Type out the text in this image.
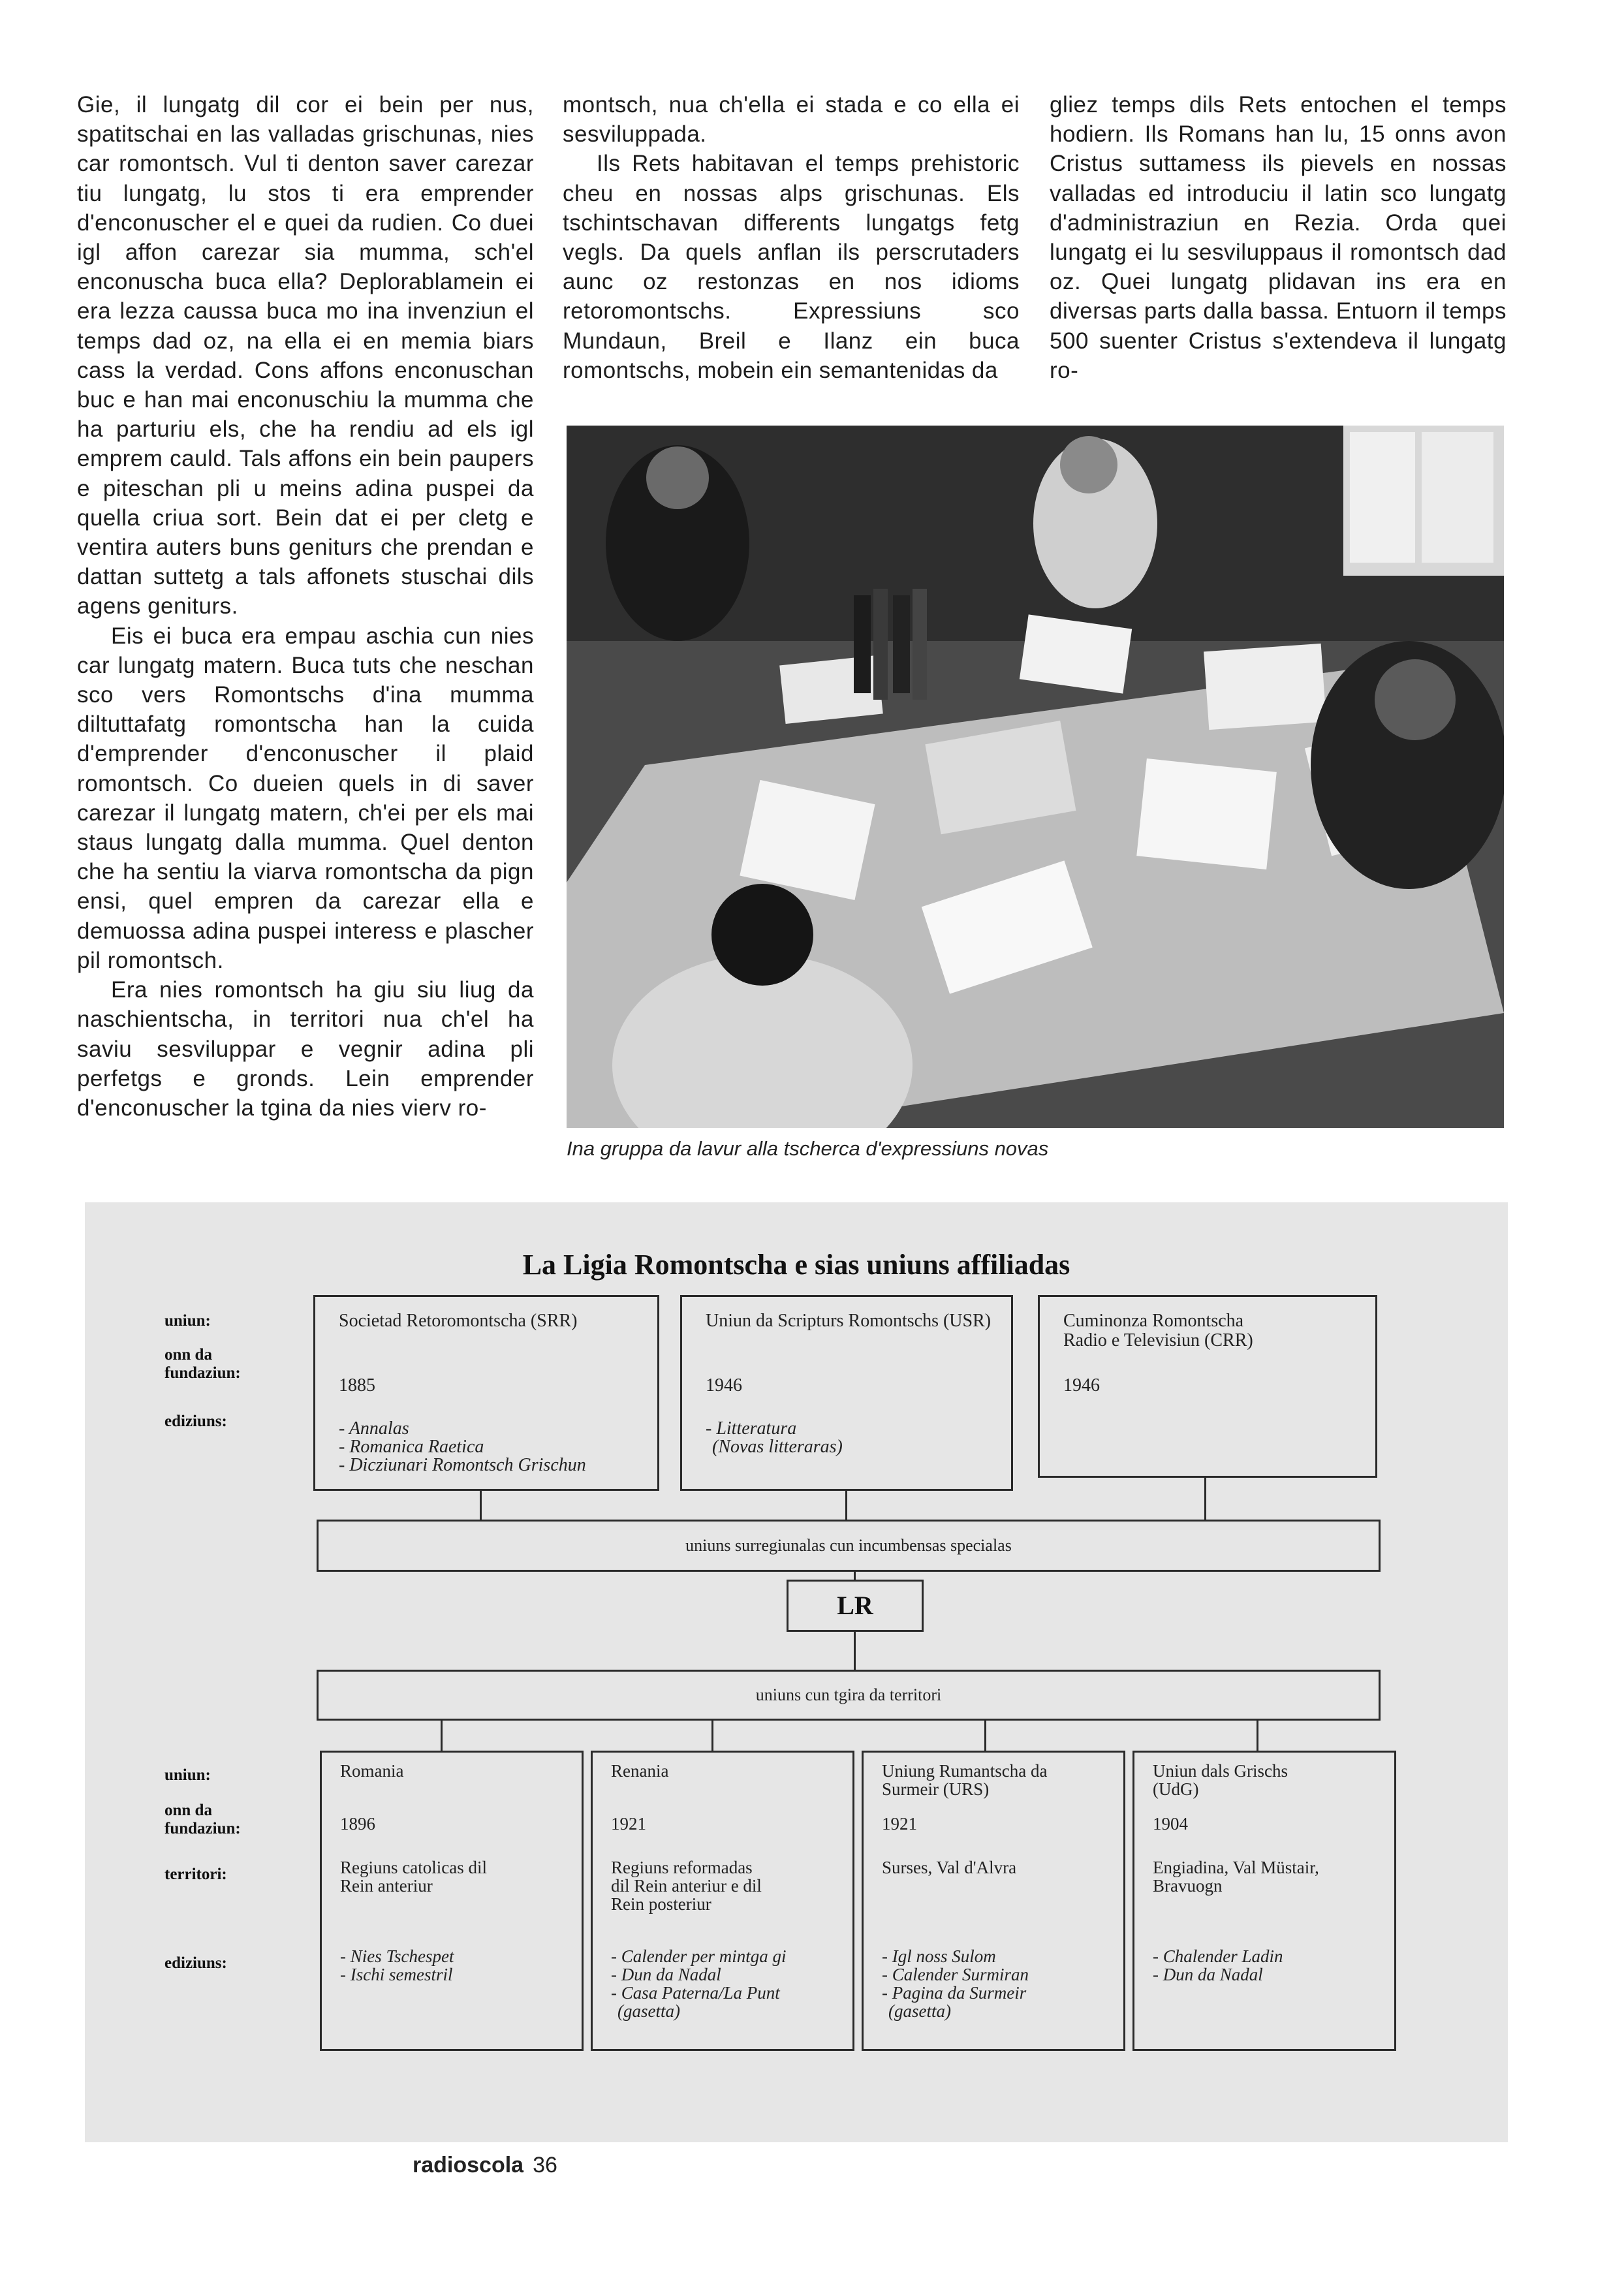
Gie, il lungatg dil cor ei bein per nus, spatitschai en las valladas grischunas, nies car romontsch. Vul ti denton saver carezar tiu lungatg, lu stos ti era emprender d'enconuscher el e quei da rudien. Co duei igl affon carezar sia mumma, sch'el enconuscha buca ella? Deplorablamein ei era lezza caussa buca mo ina invenziun el temps dad oz, na ella ei en memia biars cass la verdad. Cons affons enconuschan buc e han mai enconuschiu la mumma che ha parturiu els, che ha rendiu ad els igl emprem cauld. Tals affons ein bein paupers e piteschan pli u meins adina puspei da quella criua sort. Bein dat ei per cletg e ventira auters buns geniturs che prendan e dattan suttetg a tals affonets stuschai dils agens geniturs.

Eis ei buca era empau aschia cun nies car lungatg matern. Buca tuts che neschan sco vers Romontschs d'ina mumma diltuttafatg romontscha han la cuida d'emprender d'enconuscher il plaid romontsch. Co dueien quels in di saver carezar il lungatg matern, ch'ei per els mai staus lungatg dalla mumma. Quel denton che ha sentiu la viarva romontscha da pign ensi, quel empren da carezar ella e demuossa adina puspei interess e plascher pil romontsch.

Era nies romontsch ha giu siu liug da naschientscha, in territori nua ch'el ha saviu sesviluppar e vegnir adina pli perfetgs e gronds. Lein emprender d'enconuscher la tgina da nies vierv ro-

montsch, nua ch'ella ei stada e co ella ei sesviluppada.

Ils Rets habitavan el temps prehistoric cheu en nossas alps grischunas. Els tschintschavan differents lungatgs fetg vegls. Da quels anflan ils perscrutaders aunc oz restonzas en nos idioms retoromontschs. Expressiuns sco Mundaun, Breil e Ilanz ein buca romontschs, mobein ein semantenidas da

gliez temps dils Rets entochen el temps hodiern. Ils Romans han lu, 15 onns avon Cristus suttamess ils pievels en nossas valladas ed introduciu il latin sco lungatg d'administraziun en Rezia. Orda quei lungatg ei lu sesviluppaus il romontsch dad oz. Quei lungatg plidavan ins era en diversas parts dalla bassa. Entuorn il temps 500 suenter Cristus s'extendeva il lungatg ro-

Ina gruppa da lavur alla tscherca d'expressiuns novas
La Ligia Romontscha e sias uniuns affiliadas
uniun:
onn da fundaziun:
ediziuns:
Societad Retoromontscha (SRR)
1885
- Annalas
- Romanica Raetica
- Dicziunari Romontsch Grischun
Uniun da Scripturs Romontschs (USR)
1946
- Litteratura
(Novas litteraras)
Cuminonza Romontscha Radio e Televisiun (CRR)
1946
uniuns surregiunalas cun incumbensas specialas
LR
uniuns cun tgira da territori
uniun:
onn da fundaziun:
territori:
ediziuns:
Romania
1896
Regiuns catolicas dil Rein anteriur
- Nies Tschespet
- Ischi semestril
Renania
1921
Regiuns reformadas dil Rein anteriur e dil Rein posteriur
- Calender per mintga gi
- Dun da Nadal
- Casa Paterna/La Punt
(gasetta)
Uniung Rumantscha da Surmeir (URS)
1921
Surses, Val d'Alvra
- Igl noss Sulom
- Calender Surmiran
- Pagina da Surmeir
(gasetta)
Uniun dals Grischs (UdG)
1904
Engiadina, Val Müstair, Bravuogn
- Chalender Ladin
- Dun da Nadal
radioscola 36
